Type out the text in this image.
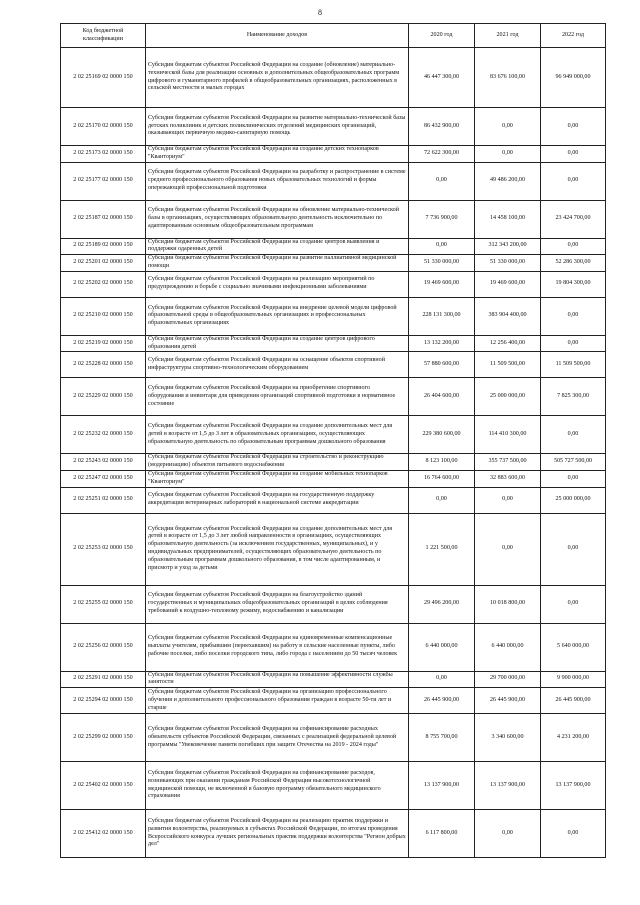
8
Код бюджетной классификации	Наименование доходов	2020 год	2021 год	2022 год
2 02 25169 02 0000 150	Субсидии бюджетам субъектов Российской Федерации на создание (обновление) материально-технической базы для реализации основных и дополнительных общеобразовательных программ цифрового и гуманитарного профилей в общеобразовательных организациях, расположенных в сельской местности и малых городах	46 447 300,00	83 676 100,00	96 949 000,00
2 02 25170 02 0000 150	Субсидии бюджетам субъектов Российской Федерации на развитие материально-технической базы детских поликлиник и детских поликлинических отделений медицинских организаций, оказывающих первичную медико-санитарную помощь	86 432 900,00	0,00	0,00
2 02 25173 02 0000 150	Субсидии бюджетам субъектов Российской Федерации на создание детских технопарков "Кванториум"	72 622 300,00	0,00	0,00
2 02 25177 02 0000 150	Субсидии бюджетам субъектов Российской Федерации на разработку и распространение в системе среднего профессионального образования новых образовательных технологий и формы опережающей профессиональной подготовки	0,00	49 486 200,00	0,00
2 02 25187 02 0000 150	Субсидии бюджетам субъектов Российской Федерации на обновление материально-технической базы в организациях, осуществляющих образовательную деятельность исключительно по адаптированным основным общеобразовательным программам	7 736 900,00	14 458 100,00	23 424 700,00
2 02 25189 02 0000 150	Субсидии бюджетам субъектов Российской Федерации на создание центров выявления и поддержки одаренных детей	0,00	312 343 200,00	0,00
2 02 25201 02 0000 150	Субсидии бюджетам субъектов Российской Федерации на развитие паллиативной медицинской помощи	51 330 000,00	51 330 000,00	52 286 300,00
2 02 25202 02 0000 150	Субсидии бюджетам субъектов Российской Федерации на реализацию мероприятий по предупреждению и борьбе с социально значимыми инфекционными заболеваниями	19 469 600,00	19 469 600,00	19 804 300,00
2 02 25210 02 0000 150	Субсидии бюджетам субъектов Российской Федерации на внедрение целевой модели цифровой образовательной среды в общеобразовательных организациях и профессиональных образовательных организациях	228 131 300,00	383 904 400,00	0,00
2 02 25219 02 0000 150	Субсидии бюджетам субъектов Российской Федерации на создание центров цифрового образования детей	13 132 200,00	12 256 400,00	0,00
2 02 25228 02 0000 150	Субсидии бюджетам субъектов Российской Федерации на оснащение объектов спортивной инфраструктуры спортивно-технологическим оборудованием	57 880 600,00	11 509 500,00	11 509 500,00
2 02 25229 02 0000 150	Субсидии бюджетам субъектов Российской Федерации на приобретение спортивного оборудования и инвентаря для приведения организаций спортивной подготовки в нормативное состояние	26 404 600,00	25 000 000,00	7 825 300,00
2 02 25232 02 0000 150	Субсидии бюджетам субъектов Российской Федерации на создание дополнительных мест для детей в возрасте от 1,5 до 3 лет в образовательных организациях, осуществляющих образовательную деятельность по образовательным программам дошкольного образования	229 380 600,00	114 410 300,00	0,00
2 02 25243 02 0000 150	Субсидии бюджетам субъектов Российской Федерации на строительство и реконструкцию (модернизацию) объектов питьевого водоснабжения	8 123 100,00	355 737 500,00	505 727 500,00
2 02 25247 02 0000 150	Субсидии бюджетам субъектов Российской Федерации на создание мобильных технопарков "Кванториум"	16 764 600,00	32 883 600,00	0,00
2 02 25251 02 0000 150	Субсидии бюджетам субъектов Российской Федерации на государственную поддержку аккредитации ветеринарных лабораторий в национальной системе аккредитации	0,00	0,00	25 000 000,00
2 02 25253 02 0000 150	Субсидии бюджетам субъектов Российской Федерации на создание дополнительных мест для детей в возрасте от 1,5 до 3 лет любой направленности в организациях, осуществляющих образовательную деятельность (за исключением государственных, муниципальных), и у индивидуальных предпринимателей, осуществляющих образовательную деятельность по образовательным программам дошкольного образования, в том числе адаптированным, и присмотр и уход за детьми	1 221 500,00	0,00	0,00
2 02 25255 02 0000 150	Субсидии бюджетам субъектов Российской Федерации на благоустройство зданий государственных и муниципальных общеобразовательных организаций в целях соблюдения требований к воздушно-тепловому режиму, водоснабжению и канализации	29 496 200,00	10 018 800,00	0,00
2 02 25256 02 0000 150	Субсидии бюджетам субъектов Российской Федерации на единовременные компенсационные выплаты учителям, прибывшим (переехавшим) на работу в сельские населенные пункты, либо рабочие поселки, либо поселки городского типа, либо города с населением до 50 тысяч человек	6 440 000,00	6 440 000,00	5 640 000,00
2 02 25291 02 0000 150	Субсидии бюджетам субъектов Российской Федерации на повышение эффективности службы занятости	0,00	29 700 000,00	9 900 000,00
2 02 25294 02 0000 150	Субсидии бюджетам субъектов Российской Федерации на организацию профессионального обучения и дополнительного профессионального образования граждан в возрасте 50-ти лет и старше	26 445 900,00	26 445 900,00	26 445 900,00
2 02 25299 02 0000 150	Субсидии бюджетам субъектов Российской Федерации на софинансирование расходных обязательств субъектов Российской Федерации, связанных с реализацией федеральной целевой программы "Увековечение памяти погибших при защите Отечества на 2019 - 2024 годы"	8 755 700,00	3 340 600,00	4 231 200,00
2 02 25402 02 0000 150	Субсидии бюджетам субъектов Российской Федерации на софинансирование расходов, возникающих при оказании гражданам Российской Федерации высокотехнологичной медицинской помощи, не включенной в базовую программу обязательного медицинского страхования	13 137 900,00	13 137 900,00	13 137 900,00
2 02 25412 02 0000 150	Субсидии бюджетам субъектов Российской Федерации на реализацию практик поддержки и развития волонтерства, реализуемых в субъектах Российской Федерации, по итогам проведения Всероссийского конкурса лучших региональных практик поддержки волонтерства "Регион добрых дел"	6 117 800,00	0,00	0,00
